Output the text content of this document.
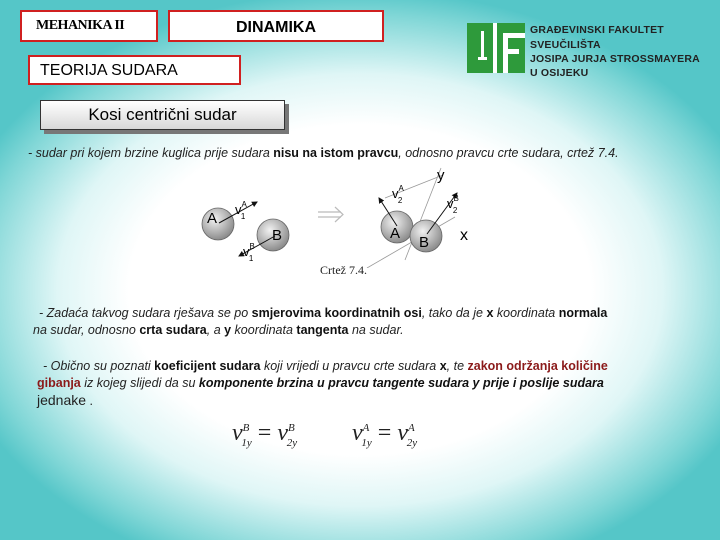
MEHANIKA II	DINAMIKA
TEORIJA SUDARA
Kosi centrični sudar
GRAĐEVINSKI FAKULTET
SVEUČILIŠTA
JOSIPA JURJA STROSSMAYERA
U OSIJEKU
- sudar pri kojem brzine kuglica prije sudara nisu na istom pravcu, odnosno pravcu crte sudara, crtež 7.4.
A
B
$v^A$ 1
$v^B$ 1
A
B
$v^A$ 2	$v^B$ 2
y
x
Crtež 7.4.
- Zadaća takvog sudara rješava se po smjerovima koordinatnih osi, tako da je x koordinata normala
na sudar, odnosno crta sudara, a y koordinata tangenta na sudar.
- Obično su poznati koeficijent sudara koji vrijedi u pravcu crte sudara x, te zakon održanja količine
gibanja iz kojeg slijedi da su komponente brzina u pravcu tangente sudara y prije i poslije sudara
jednake .
$v^B_{1y} = v^B_{2y}$ $v^A_{1y} = v^A_{2y}$
